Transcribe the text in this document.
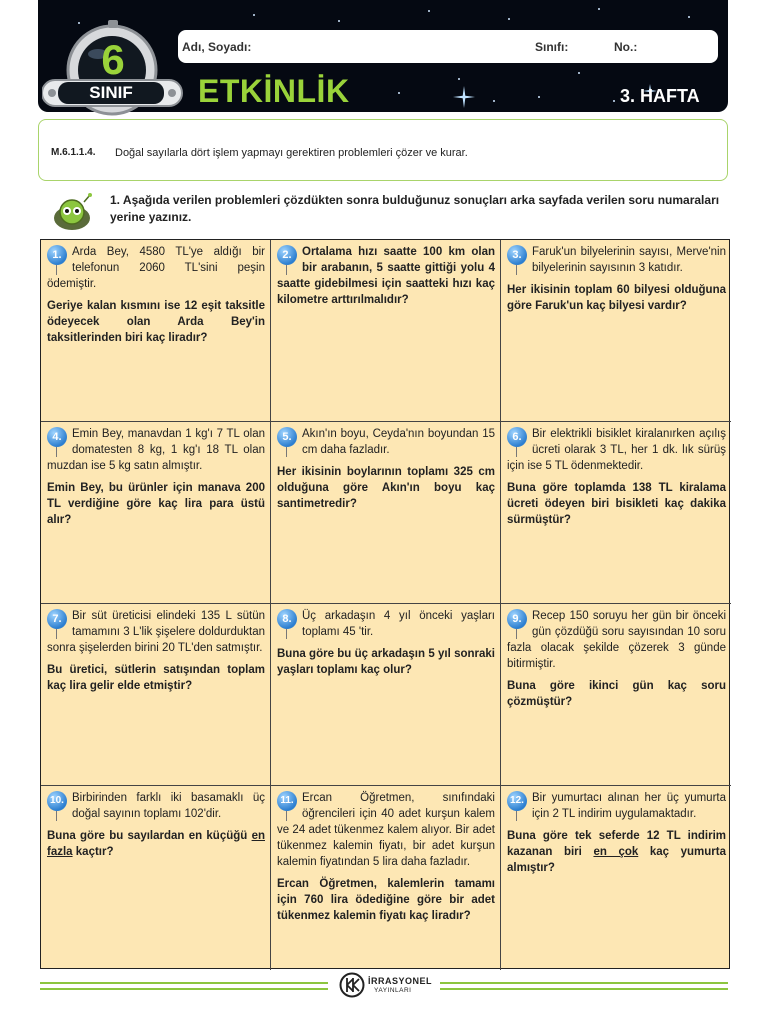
6
SINIF
Adı, Soyadı:	Sınıfı:	No.:
ETKİNLİK	3. HAFTA
M.6.1.1.4. Doğal sayılarla dört işlem yapmayı gerektiren problemleri çözer ve kurar.
1. Aşağıda verilen problemleri çözdükten sonra bulduğunuz sonuçları arka sayfada verilen soru numaraları yerine yazınız.
1. Arda Bey, 4580 TL'ye aldığı bir telefonun 2060 TL'sini peşin ödemiştir.

Geriye kalan kısmını ise 12 eşit taksitle ödeyecek olan Arda Bey'in taksitlerinden biri kaç liradır?

2. Ortalama hızı saatte 100 km olan bir arabanın, 5 saatte gittiği yolu 4 saatte gidebilmesi için saatteki hızı kaç kilometre arttırılmalıdır?

3. Faruk'un bilyelerinin sayısı, Merve'nin bilyelerinin sayısının 3 katıdır.

Her ikisinin toplam 60 bilyesi olduğuna göre Faruk'un kaç bilyesi vardır?

4. Emin Bey, manavdan 1 kg'ı 7 TL olan domatesten 8 kg, 1 kg'ı 18 TL olan muzdan ise 5 kg satın almıştır.

Emin Bey, bu ürünler için manava 200 TL verdiğine göre kaç lira para üstü alır?

5. Akın'ın boyu, Ceyda'nın boyundan 15 cm daha fazladır.

Her ikisinin boylarının toplamı 325 cm olduğuna göre Akın'ın boyu kaç santimetredir?

6. Bir elektrikli bisiklet kiralanırken açılış ücreti olarak 3 TL, her 1 dk. lık sürüş için ise 5 TL ödenmektedir.

Buna göre toplamda 138 TL kiralama ücreti ödeyen biri bisikleti kaç dakika sürmüştür?

7. Bir süt üreticisi elindeki 135 L sütün tamamını 3 L'lik şişelere doldurduktan sonra şişelerden birini 20 TL'den satmıştır.

Bu üretici, sütlerin satışından toplam kaç lira gelir elde etmiştir?

8. Üç arkadaşın 4 yıl önceki yaşları toplamı 45 'tir.

Buna göre bu üç arkadaşın 5 yıl sonraki yaşları toplamı kaç olur?

9. Recep 150 soruyu her gün bir önceki gün çözdüğü soru sayısından 10 soru fazla olacak şekilde çözerek 3 günde bitirmiştir.

Buna göre ikinci gün kaç soru çözmüştür?

10. Birbirinden farklı iki basamaklı üç doğal sayının toplamı 102'dir.

Buna göre bu sayılardan en küçüğü en fazla kaçtır?

11. Ercan Öğretmen, sınıfındaki öğrencileri için 40 adet kurşun kalem ve 24 adet tükenmez kalem alıyor. Bir adet tükenmez kalemin fiyatı, bir adet kurşun kalemin fiyatından 5 lira daha fazladır.

Ercan Öğretmen, kalemlerin tamamı için 760 lira ödediğine göre bir adet tükenmez kalemin fiyatı kaç liradır?

12. Bir yumurtacı alınan her üç yumurta için 2 TL indirim uygulamaktadır.

Buna göre tek seferde 12 TL indirim kazanan biri en çok kaç yumurta almıştır?

İRRASYONEL
YAYINLARI
